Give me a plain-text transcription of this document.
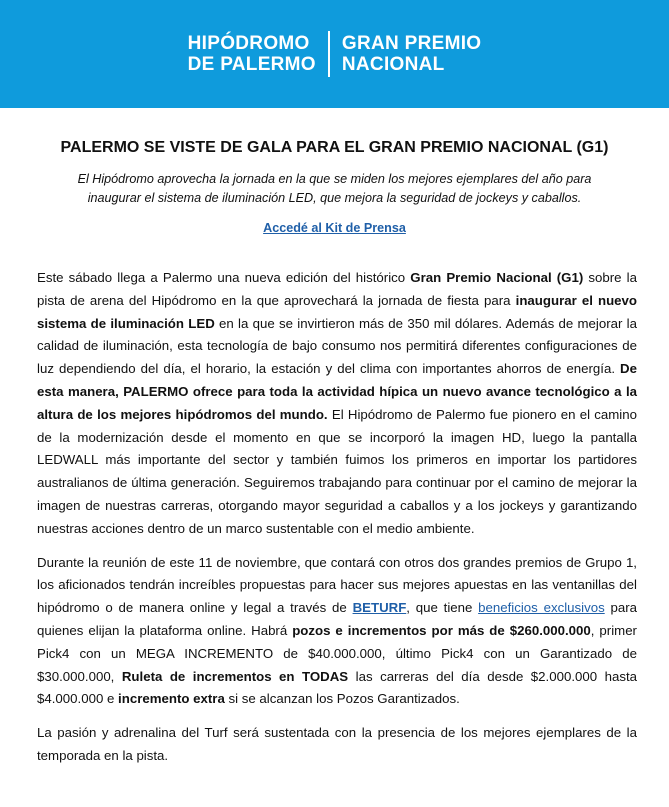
HIPÓDROMO
DE PALERMO
GRAN PREMIO
NACIONAL
PALERMO SE VISTE DE GALA PARA EL GRAN PREMIO NACIONAL (G1)
El Hipódromo aprovecha la jornada en la que se miden los mejores ejemplares del año para
inaugurar el sistema de iluminación LED, que mejora la seguridad de jockeys y caballos.
Accedé al Kit de Prensa

Este sábado llega a Palermo una nueva edición del histórico Gran Premio Nacional (G1) sobre la pista de arena del Hipódromo en la que aprovechará la jornada de fiesta para inaugurar el nuevo sistema de iluminación LED en la que se invirtieron más de 350 mil dólares. Además de mejorar la calidad de iluminación, esta tecnología de bajo consumo nos permitirá diferentes configuraciones de luz dependiendo del día, el horario, la estación y del clima con importantes ahorros de energía. De esta manera, PALERMO ofrece para toda la actividad hípica un nuevo avance tecnológico a la altura de los mejores hipódromos del mundo. El Hipódromo de Palermo fue pionero en el camino de la modernización desde el momento en que se incorporó la imagen HD, luego la pantalla LEDWALL más importante del sector y también fuimos los primeros en importar los partidores australianos de última generación. Seguiremos trabajando para continuar por el camino de mejorar la imagen de nuestras carreras, otorgando mayor seguridad a caballos y a los jockeys y garantizando nuestras acciones dentro de un marco sustentable con el medio ambiente.

Durante la reunión de este 11 de noviembre, que contará con otros dos grandes premios de Grupo 1, los aficionados tendrán increíbles propuestas para hacer sus mejores apuestas en las ventanillas del hipódromo o de manera online y legal a través de BETURF, que tiene beneficios exclusivos para quienes elijan la plataforma online. Habrá pozos e incrementos por más de $260.000.000, primer Pick4 con un MEGA INCREMENTO de $40.000.000, último Pick4 con un Garantizado de $30.000.000, Ruleta de incrementos en TODAS las carreras del día desde $2.000.000 hasta $4.000.000 e incremento extra si se alcanzan los Pozos Garantizados.

La pasión y adrenalina del Turf será sustentada con la presencia de los mejores ejemplares de la temporada en la pista.
